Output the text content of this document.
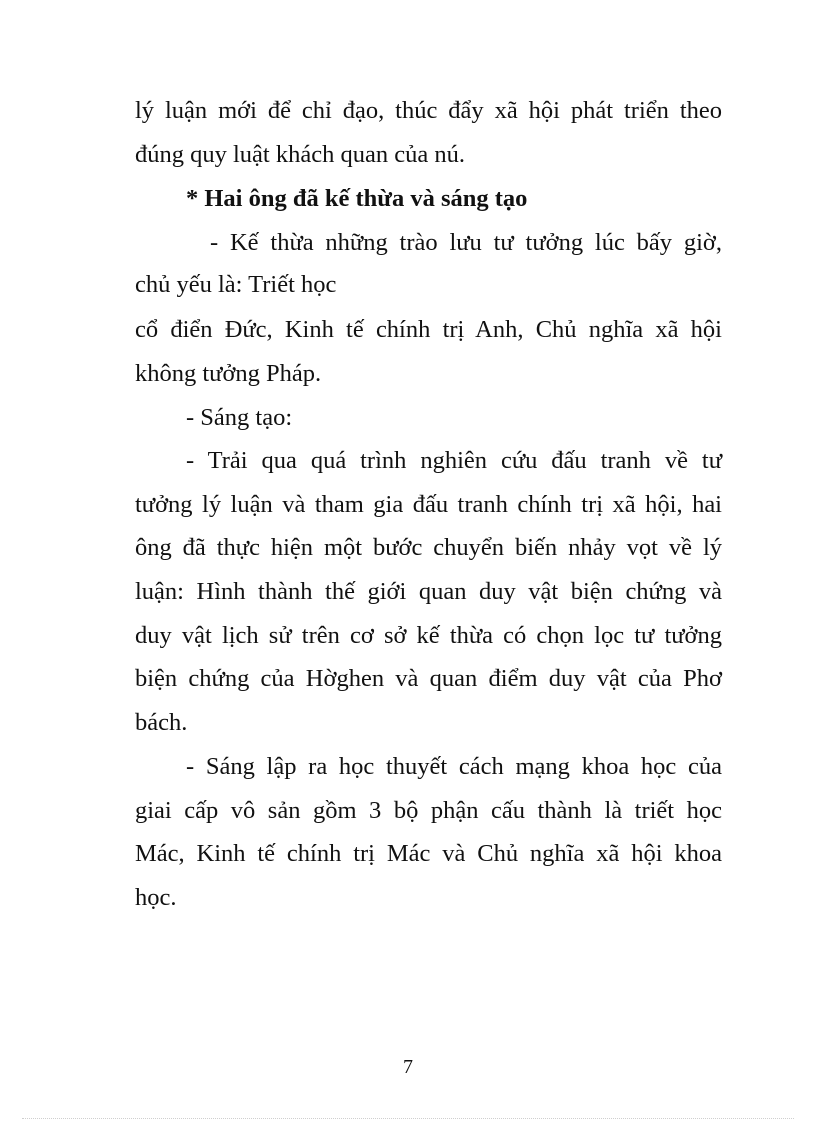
lý luận mới để chỉ đạo, thúc đẩy xã hội phát triển theo

đúng quy luật khách quan của nú.

* Hai ông đã kế thừa và sáng tạo

- Kế thừa những trào lưu tư tưởng lúc bấy giờ,

chủ yếu là: Triết học

cổ điển Đức, Kinh tế chính trị Anh, Chủ nghĩa xã hội

không tưởng Pháp.

- Sáng tạo:

- Trải qua quá trình nghiên cứu đấu tranh về tư

tưởng lý luận và tham gia đấu tranh chính trị xã hội, hai

ông đã thực hiện một bước chuyển biến nhảy vọt về lý

luận: Hình thành thế giới quan duy vật biện chứng và

duy vật lịch sử trên cơ sở kế thừa có chọn lọc tư tưởng

biện chứng của Hờghen và quan điểm duy vật của Phơ

bách.

- Sáng lập ra học thuyết cách mạng khoa học của

giai cấp vô sản gồm 3 bộ phận cấu thành là triết học

Mác, Kinh tế chính trị Mác và Chủ nghĩa xã hội khoa

học.

7
